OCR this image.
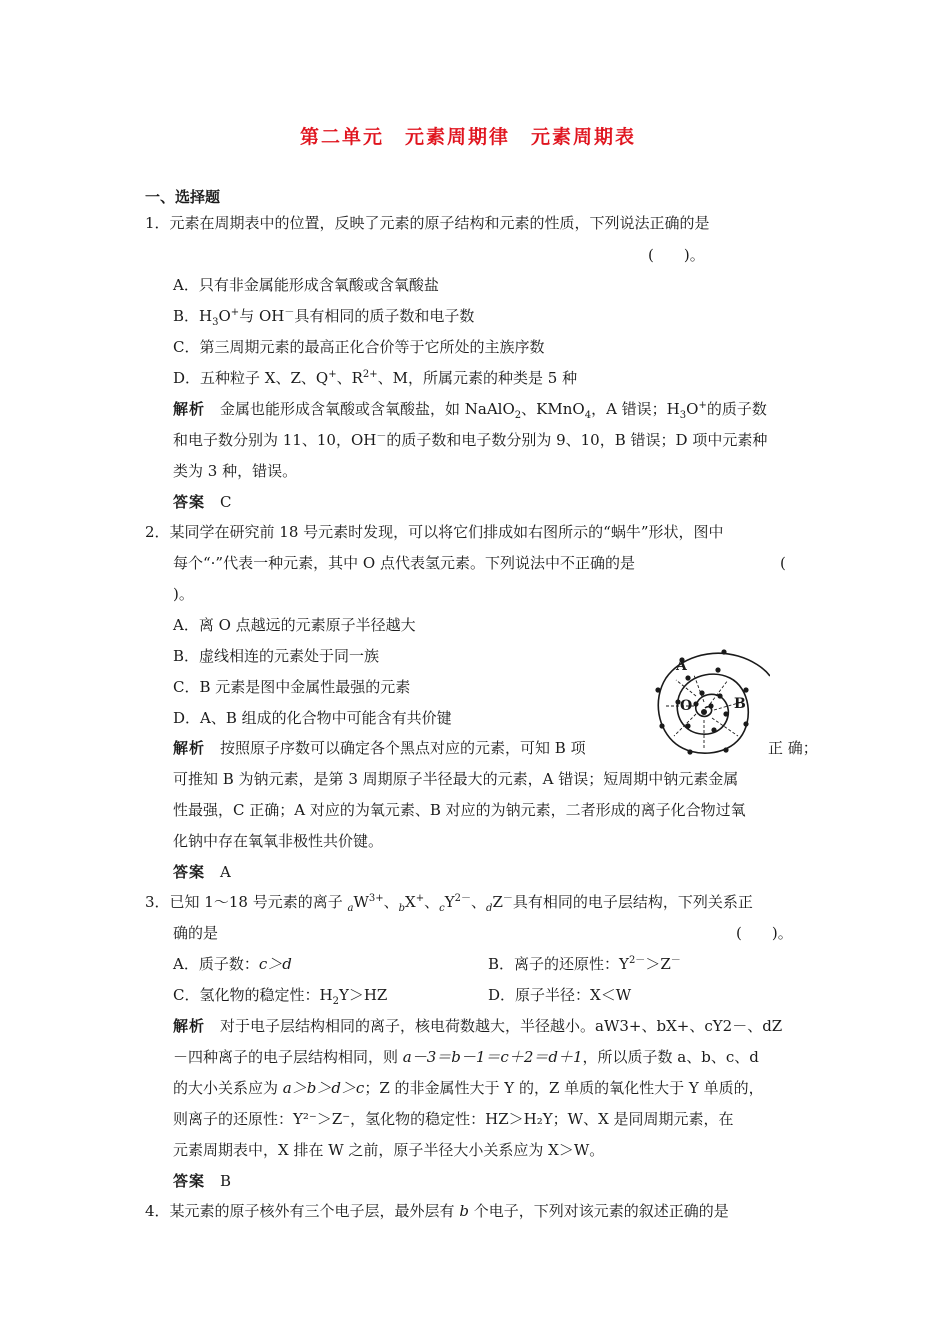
第二单元　元素周期律　元素周期表
一、选择题
1．元素在周期表中的位置，反映了元素的原子结构和元素的性质，下列说法正确的是
(　　)。
A．只有非金属能形成含氧酸或含氧酸盐
B．$H_3O^+$与 OH－具有相同的质子数和电子数
C．第三周期元素的最高正化合价等于它所处的主族序数
D．五种粒子 X、Z、Q+、$R^{2+}$、M，所属元素的种类是 5 种
解析　金属也能形成含氧酸或含氧酸盐，如 NaAlO$_2$、KMnO$_4$，A 错误；$H_3O^+$的质子数
和电子数分别为 11、10，OH－的质子数和电子数分别为 9、10，B 错误；D 项中元素种
类为 3 种，错误。
答案　 C
2．某同学在研究前 18 号元素时发现，可以将它们排成如右图所示的“蜗牛”形状，图中
每个“·”代表一种元素，其中 O 点代表氢元素。下列说法中不正确的是	(
)。
A．离 O 点越远的元素原子半径越大
B．虚线相连的元素处于同一族
C．B 元素是图中金属性最强的元素
D．A、B 组成的化合物中可能含有共价键
A
B
O
解析　按照原子序数可以确定各个黑点对应的元素，可知 B 项	正 确；
可推知 B 为钠元素，是第 3 周期原子半径最大的元素，A 错误；短周期中钠元素金属
性最强，C 正确；A 对应的为氧元素、B 对应的为钠元素，二者形成的离子化合物过氧
化钠中存在氧氧非极性共价键。
答案　 A
3．已知 1～18 号元素的离子 $_aW^{3+}$、$_b$X+、$_cY^{2-}$、$_d$Z－具有相同的电子层结构，下列关系正
确的是	(　　)。
A．质子数：c＞d	B．离子的还原性：$Y^{2-}>Z^-$
C．氢化物的稳定性：$H_2Y>HZ$	D．原子半径：X＜W
解析　对于电子层结构相同的离子，核电荷数越大，半径越小。aW3+、bX+、cY2－、dZ
－四种离子的电子层结构相同，则 a－3＝b－1＝c＋2＝d＋1，所以质子数 a、b、c、d
的大小关系应为 a＞b＞d＞c；Z 的非金属性大于 Y 的，Z 单质的氧化性大于 Y 单质的，
则离子的还原性：Y²⁻＞Z⁻，氢化物的稳定性：HZ＞H₂Y；W、X 是同周期元素，在
元素周期表中，X 排在 W 之前，原子半径大小关系应为 X＞W。
答案　 B
4．某元素的原子核外有三个电子层，最外层有 b 个电子，下列对该元素的叙述正确的是
